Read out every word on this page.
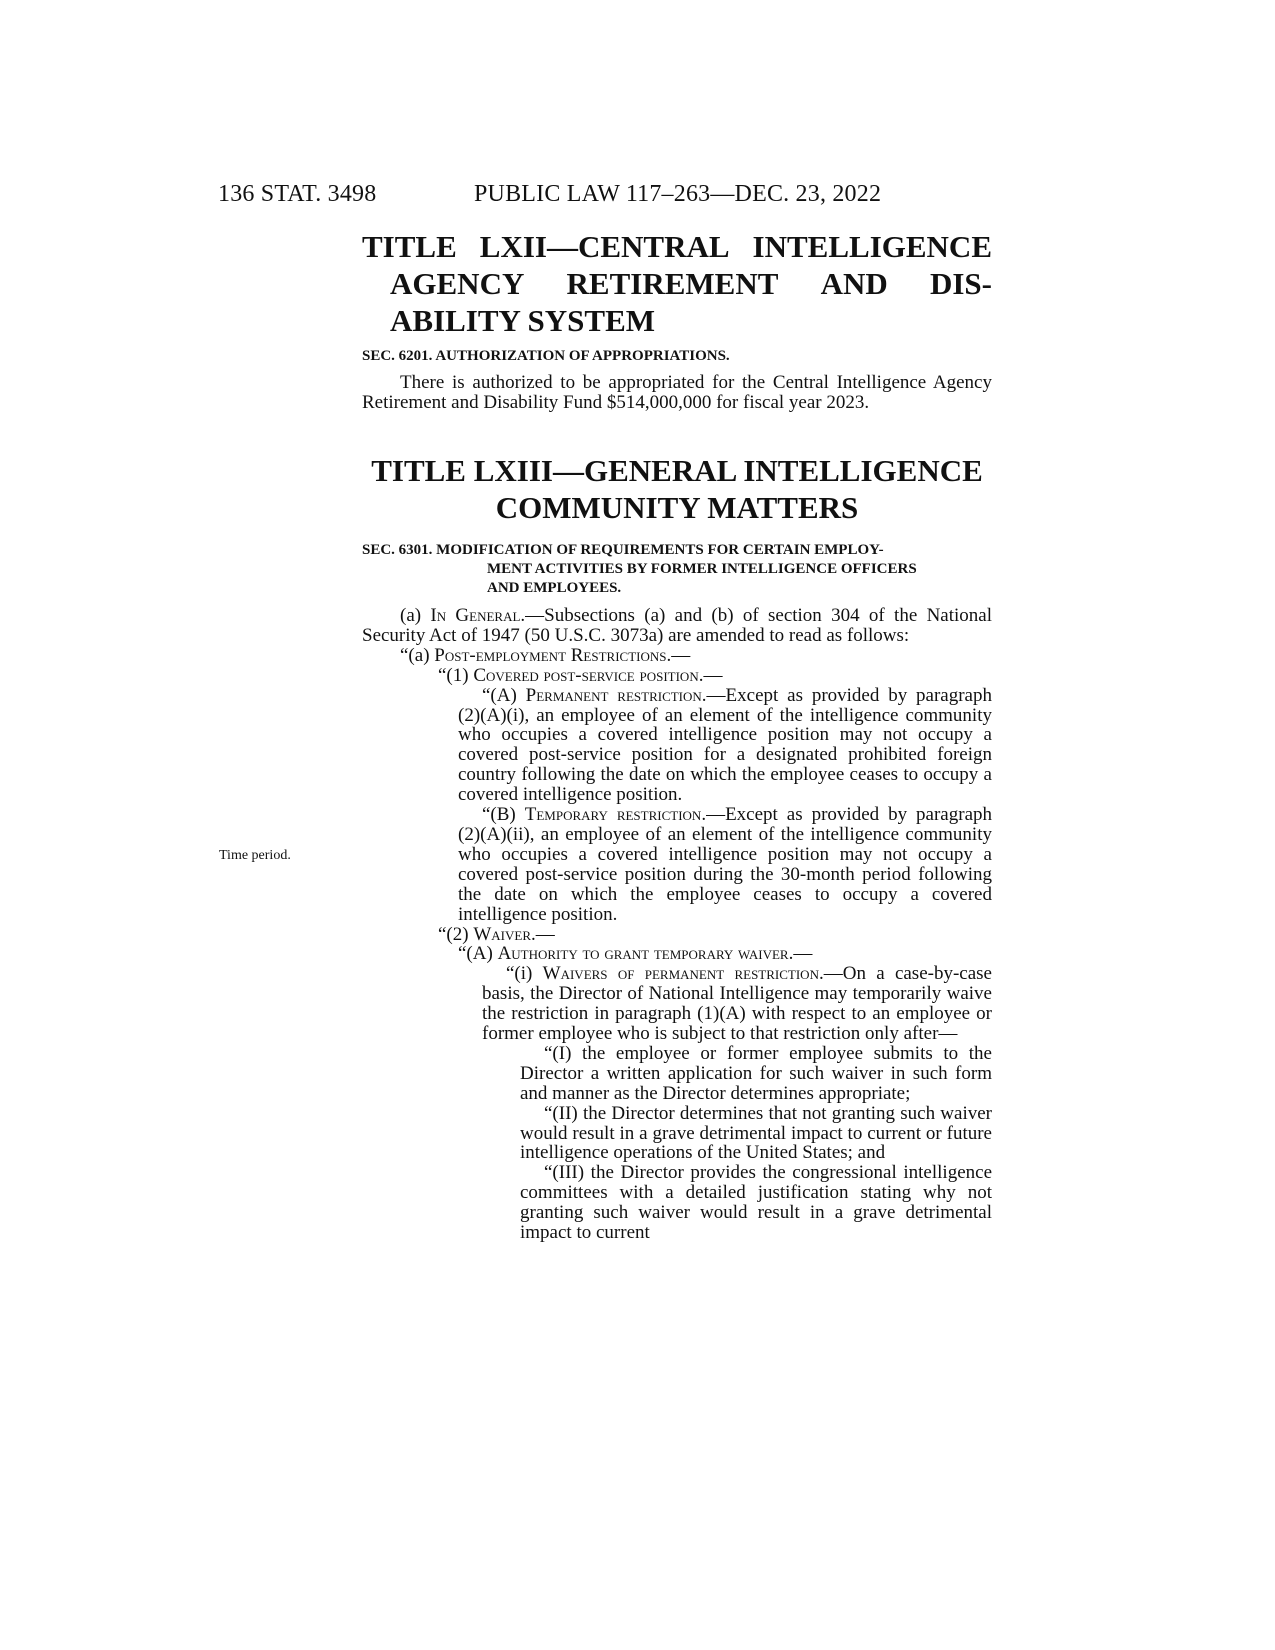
136 STAT. 3498	PUBLIC LAW 117–263—DEC. 23, 2022
TITLE LXII—CENTRAL INTELLIGENCE
AGENCY RETIREMENT AND DIS-
ABILITY SYSTEM
SEC. 6201. AUTHORIZATION OF APPROPRIATIONS.

There is authorized to be appropriated for the Central Intelligence Agency Retirement and Disability Fund $514,000,000 for fiscal year 2023.

TITLE LXIII—GENERAL INTELLIGENCE
COMMUNITY MATTERS
SEC. 6301. MODIFICATION OF REQUIREMENTS FOR CERTAIN EMPLOY-
MENT ACTIVITIES BY FORMER INTELLIGENCE OFFICERS
AND EMPLOYEES.

(a) In General.—Subsections (a) and (b) of section 304 of the National Security Act of 1947 (50 U.S.C. 3073a) are amended to read as follows:

“(a) Post-employment Restrictions.—

“(1) Covered post-service position.—

“(A) Permanent restriction.—Except as provided by paragraph (2)(A)(i), an employee of an element of the intelligence community who occupies a covered intelligence position may not occupy a covered post-service position for a designated prohibited foreign country following the date on which the employee ceases to occupy a covered intelligence position.

“(B) Temporary restriction.—Except as provided by paragraph (2)(A)(ii), an employee of an element of the intelligence community who occupies a covered intelligence position may not occupy a covered post-service position during the 30-month period following the date on which the employee ceases to occupy a covered intelligence position.

“(2) Waiver.—

“(A) Authority to grant temporary waiver.—

“(i) Waivers of permanent restriction.—On a case-by-case basis, the Director of National Intelligence may temporarily waive the restriction in paragraph (1)(A) with respect to an employee or former employee who is subject to that restriction only after—

“(I) the employee or former employee submits to the Director a written application for such waiver in such form and manner as the Director determines appropriate;

“(II) the Director determines that not granting such waiver would result in a grave detrimental impact to current or future intelligence operations of the United States; and

“(III) the Director provides the congressional intelligence committees with a detailed justification stating why not granting such waiver would result in a grave detrimental impact to current

Time period.
